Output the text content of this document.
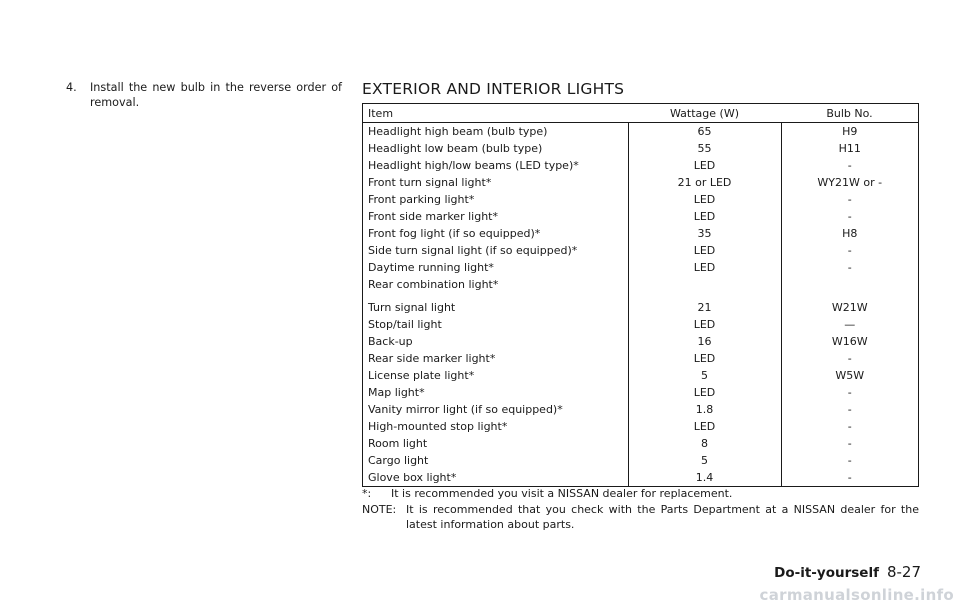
4.	Install the new bulb in the reverse order of removal.
EXTERIOR AND INTERIOR LIGHTS
Item	Wattage (W)	Bulb No.
Headlight high beam (bulb type)	65	H9
Headlight low beam (bulb type)	55	H11
Headlight high/low beams (LED type)*	LED	-
Front turn signal light*	21 or LED	WY21W or -
Front parking light*	LED	-
Front side marker light*	LED	-
Front fog light (if so equipped)*	35	H8
Side turn signal light (if so equipped)*	LED	-
Daytime running light*	LED	-
Rear combination light*		

Turn signal light	21	W21W
Stop/tail light	LED	—
Back-up	16	W16W
Rear side marker light*	LED	-
License plate light*	5	W5W
Map light*	LED	-
Vanity mirror light (if so equipped)*	1.8	-
High-mounted stop light*	LED	-
Room light	8	-
Cargo light	5	-
Glove box light*	1.4	-
*:	It is recommended you visit a NISSAN dealer for replacement.
NOTE: It is recommended that you check with the Parts Department at a NISSAN dealer for the latest information about parts.
Do-it-yourself 8-27
carmanualsonline.info
